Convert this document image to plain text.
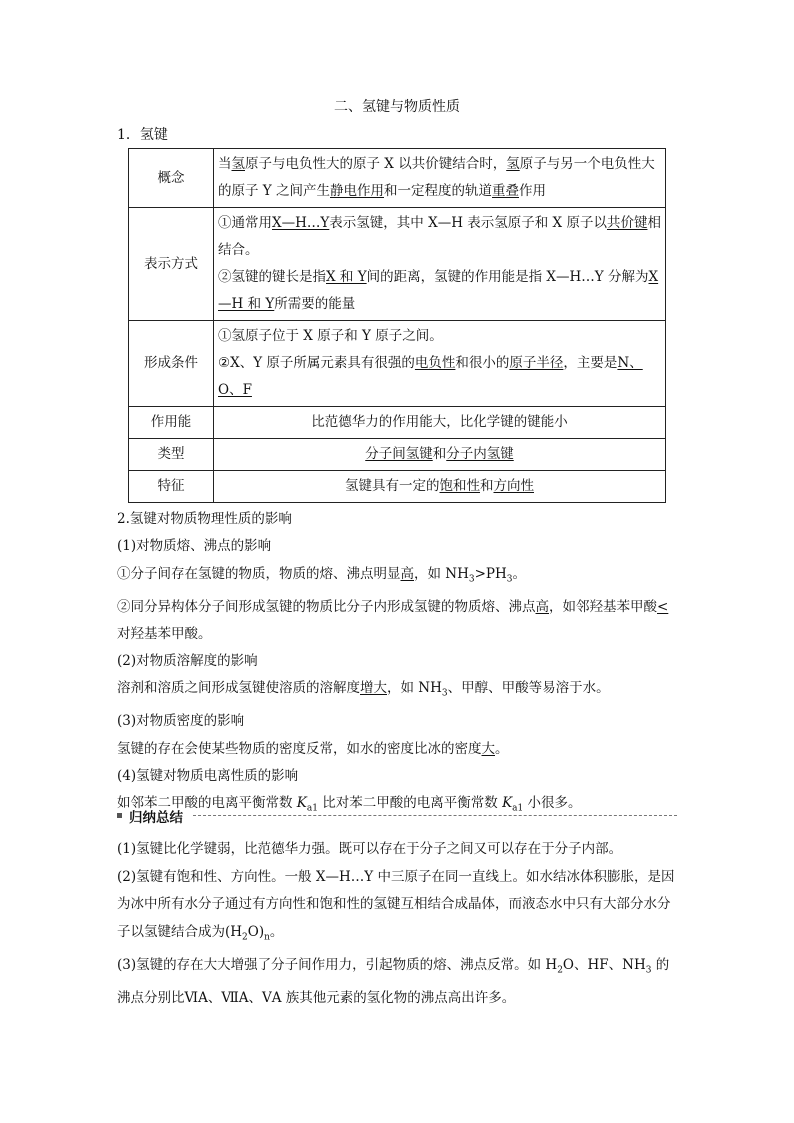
二、氢键与物质性质
1．氢键
概念	当氢原子与电负性大的原子 X 以共价键结合时，氢原子与另一个电负性大的原子 Y 之间产生静电作用和一定程度的轨道重叠作用
表示方式	①通常用X—H…Y表示氢键，其中 X—H 表示氢原子和 X 原子以共价键相结合。
②氢键的键长是指X 和 Y间的距离，氢键的作用能是指 X—H…Y 分解为X—H 和 Y所需要的能量
形成条件	①氢原子位于 X 原子和 Y 原子之间。
②X、Y 原子所属元素具有很强的电负性和很小的原子半径，主要是N、O、F
作用能	比范德华力的作用能大，比化学键的键能小
类型	分子间氢键和分子内氢键
特征	氢键具有一定的饱和性和方向性

2.氢键对物质物理性质的影响

(1)对物质熔、沸点的影响

①分子间存在氢键的物质，物质的熔、沸点明显高，如 $NH_3>PH_3$。

②同分异构体分子间形成氢键的物质比分子内形成氢键的物质熔、沸点高，如邻羟基苯甲酸<对羟基苯甲酸。

(2)对物质溶解度的影响

溶剂和溶质之间形成氢键使溶质的溶解度增大，如 $NH_3$、甲醇、甲酸等易溶于水。

(3)对物质密度的影响

氢键的存在会使某些物质的密度反常，如水的密度比冰的密度大。

(4)氢键对物质电离性质的影响

如邻苯二甲酸的电离平衡常数 $K_{a1}$ 比对苯二甲酸的电离平衡常数 $K_{a1}$ 小很多。

归纳总结

(1)氢键比化学键弱，比范德华力强。既可以存在于分子之间又可以存在于分子内部。

(2)氢键有饱和性、方向性。一般 X—H…Y 中三原子在同一直线上。如水结冰体积膨胀，是因为冰中所有水分子通过有方向性和饱和性的氢键互相结合成晶体，而液态水中只有大部分水分子以氢键结合成为$(H_2O)_n$。

(3)氢键的存在大大增强了分子间作用力，引起物质的熔、沸点反常。如 $H_2O$、HF、$NH_3$ 的沸点分别比ⅥA、ⅦA、ⅤA 族其他元素的氢化物的沸点高出许多。
